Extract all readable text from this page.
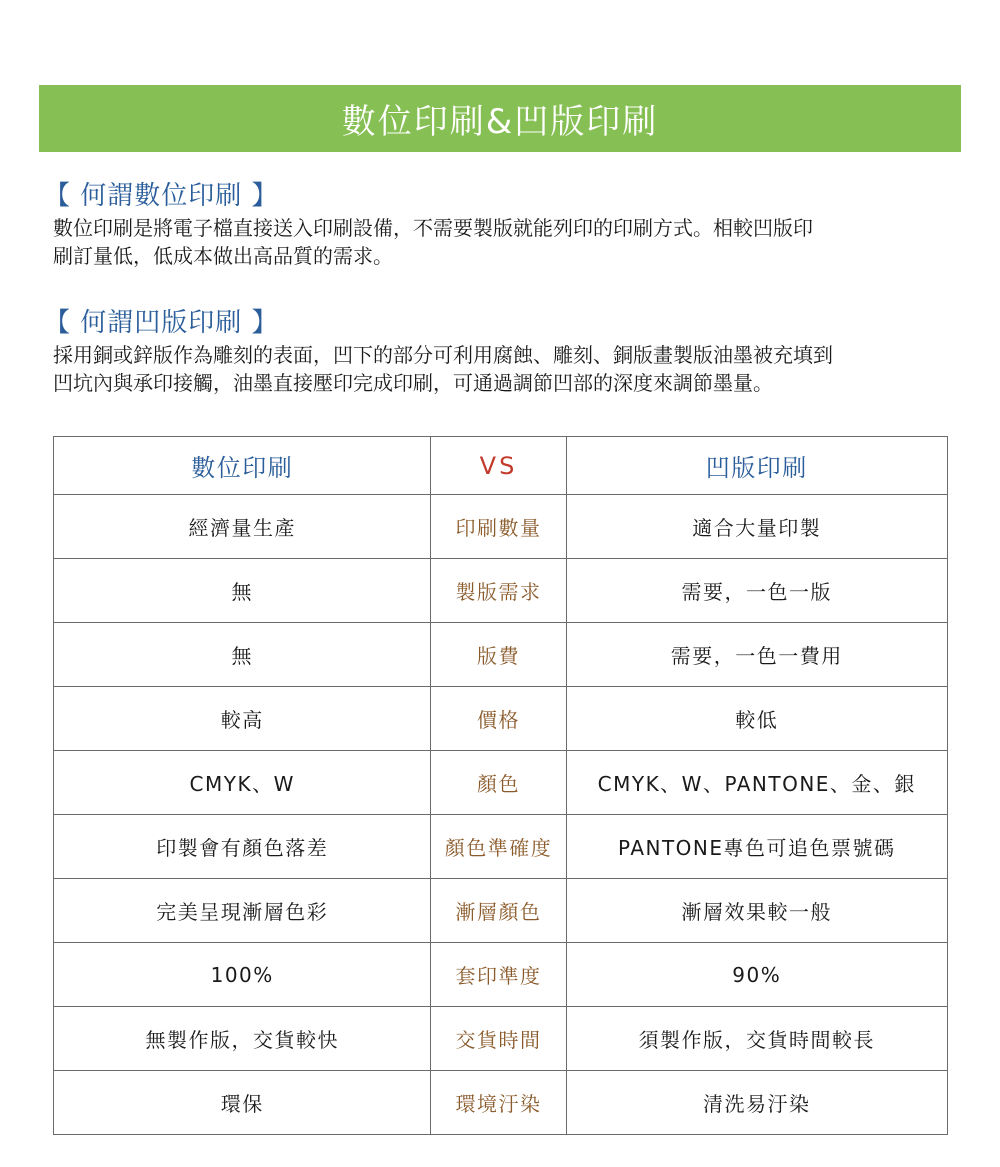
數位印刷&凹版印刷
【 何謂數位印刷 】
數位印刷是將電子檔直接送入印刷設備，不需要製版就能列印的印刷方式。相較凹版印
刷訂量低，低成本做出高品質的需求。
【 何謂凹版印刷 】
採用銅或鋅版作為雕刻的表面，凹下的部分可利用腐蝕、雕刻、銅版畫製版油墨被充填到
凹坑內與承印接觸，油墨直接壓印完成印刷，可通過調節凹部的深度來調節墨量。
數位印刷	VS	凹版印刷
經濟量生產	印刷數量	適合大量印製
無	製版需求	需要，一色一版
無	版費	需要，一色一費用
較高	價格	較低
CMYK、W	顏色	CMYK、W、PANTONE、金、銀
印製會有顏色落差	顏色準確度	PANTONE專色可追色票號碼
完美呈現漸層色彩	漸層顏色	漸層效果較一般
100%	套印準度	90%
無製作版，交貨較快	交貨時間	須製作版，交貨時間較長
環保	環境汙染	清洗易汙染
